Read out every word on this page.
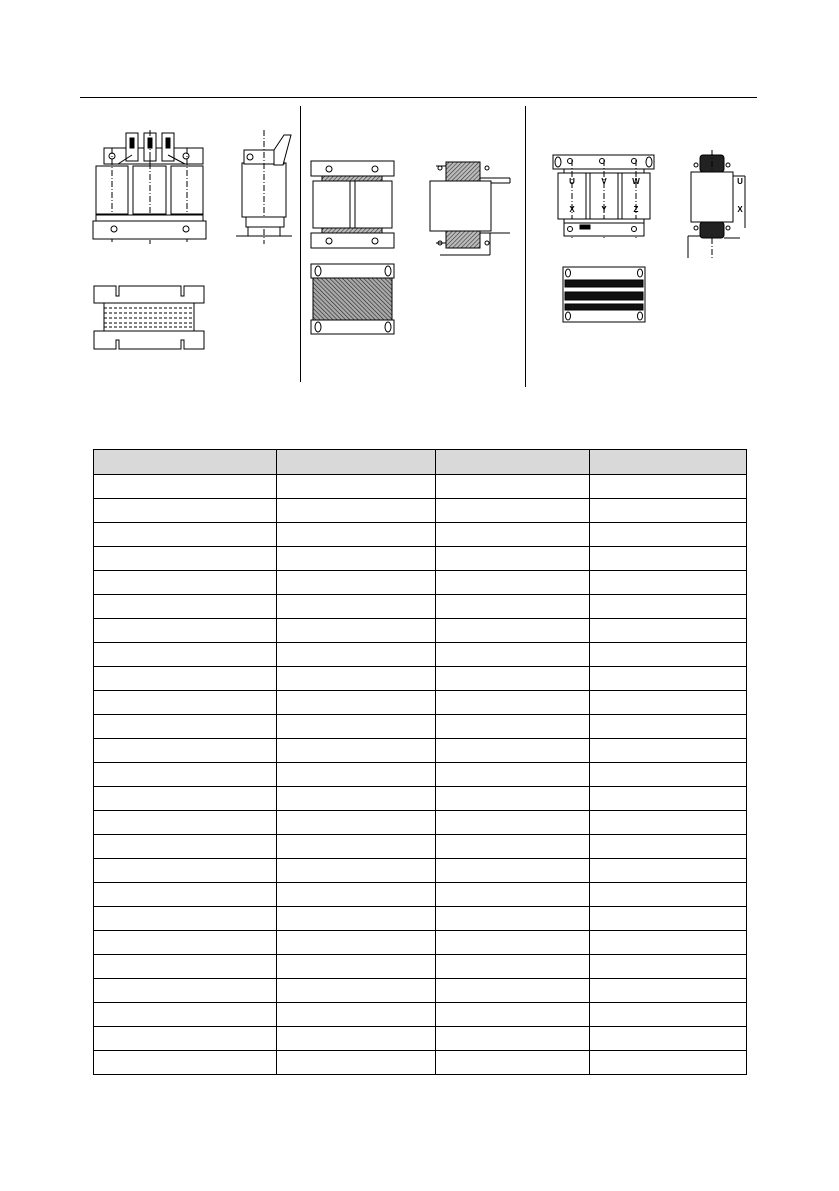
U	V	W
X	Y	Z
U
X
